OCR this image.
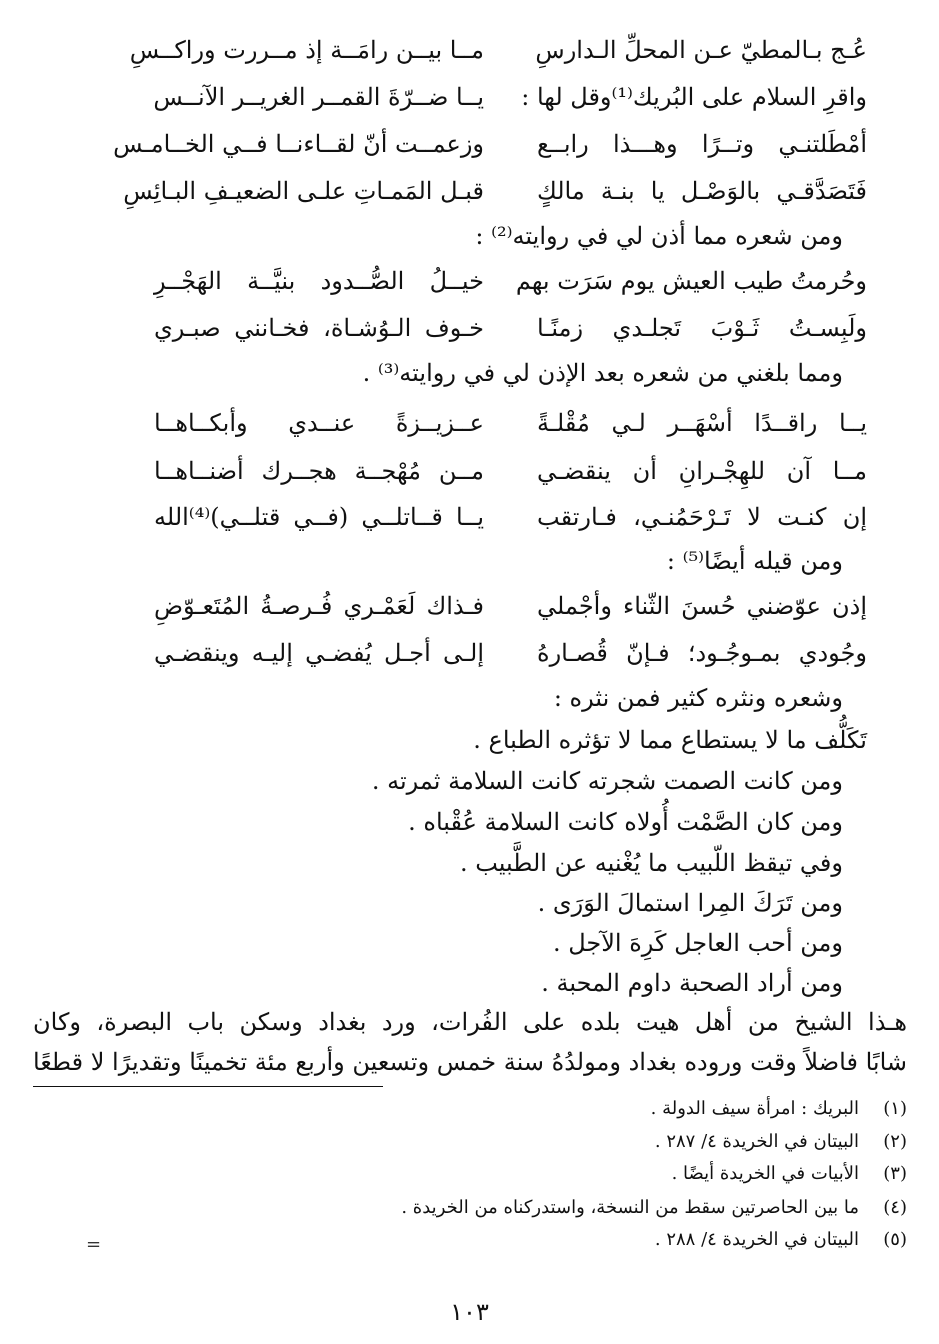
عُـج بـالمطيّ عـن المحلِّ الـدارسِ
مــا بيــن رامَــة إذ مــررت وراكــسِ
واقرِ السلام على البُريك⁽¹⁾وقل لها :
يــا ضــرّةَ القمــر الغريــر الآنــس
أمْطَلتنـي وتــرًا وهـــذا رابــع
وزعمــت أنّ لقــاءنــا فــي الخــامـس
فَتَصَدَّقـي بالوَصْـل يا بنـة مالكٍ
قبـل المَمـاتِ علـى الضعيـفِ البـائِسِ
ومن شعره مما أذن لي في روايته⁽²⁾ :
وحُرمتُ طيب العيش يوم سَرَت بهم
خيــلُ الصُّــدود بنيَّــة الهَجْــرِ
ولَبِسـتُ ثَـوْبَ تَجلـدي زمنًـا
خـوف الـوُشـاة، فخـانني صبـري
ومما بلغني من شعره بعد الإذن لي في روايته⁽³⁾ .
يــا راقــدًا أسْهَــر لـي مُقْلـةً
عــزيــزةً عنــدي وأبكــاهــا
مــا آن للهِجْـرانِ أن ينقضـي
مــن مُهْجــة هجــرك أضنــاهــا
إن كنـت لا تَـرْحَمُنـي، فـارتقب
يــا قــاتلــي (فــي قتلــي)⁽⁴⁾الله
ومن قيله أيضًا⁽⁵⁾ :
إذن عوّضني حُسنَ الثّناء وأجْملي
فـذاك لَعَمْـري فُـرصـةُ المُتَعـوّضِ
وجُودي بمـوجُـود؛ فـإنّ قُصـارهُ
إلـى أجـل يُفضـي إليـه وينقضـي
وشعره ونثره كثير فمن نثره :
تَكَلُّف ما لا يستطاع مما لا تؤثره الطباع .
ومن كانت الصمت شجرته كانت السلامة ثمرته .
ومن كان الصَّمْت أُولاه كانت السلامة عُقْباه .
وفي تيقظ اللّبيب ما يُغْنيه عن الطَّبيب .
ومن تَرَكَ المِرا استمالَ الوَرَى .
ومن أحب العاجل كَرِهَ الآجل .
ومن أراد الصحبة داوم المحبة .
هـذا الشيخ من أهل هيت بلده على الفُرات، ورد بغداد وسكن باب البصرة، وكان
شابًا فاضلاً وقت وروده بغداد ومولدُهُ سنة خمس وتسعين وأربع مئة تخمينًا وتقديرًا لا قطعًا
(١)البريك : امرأة سيف الدولة .
(٢)البيتان في الخريدة ٤/ ٢٨٧ .
(٣)الأبيات في الخريدة أيضًا .
(٤)ما بين الحاصرتين سقط من النسخة، واستدركناه من الخريدة .
(٥)البيتان في الخريدة ٤/ ٢٨٨ .
=
١٠٣
